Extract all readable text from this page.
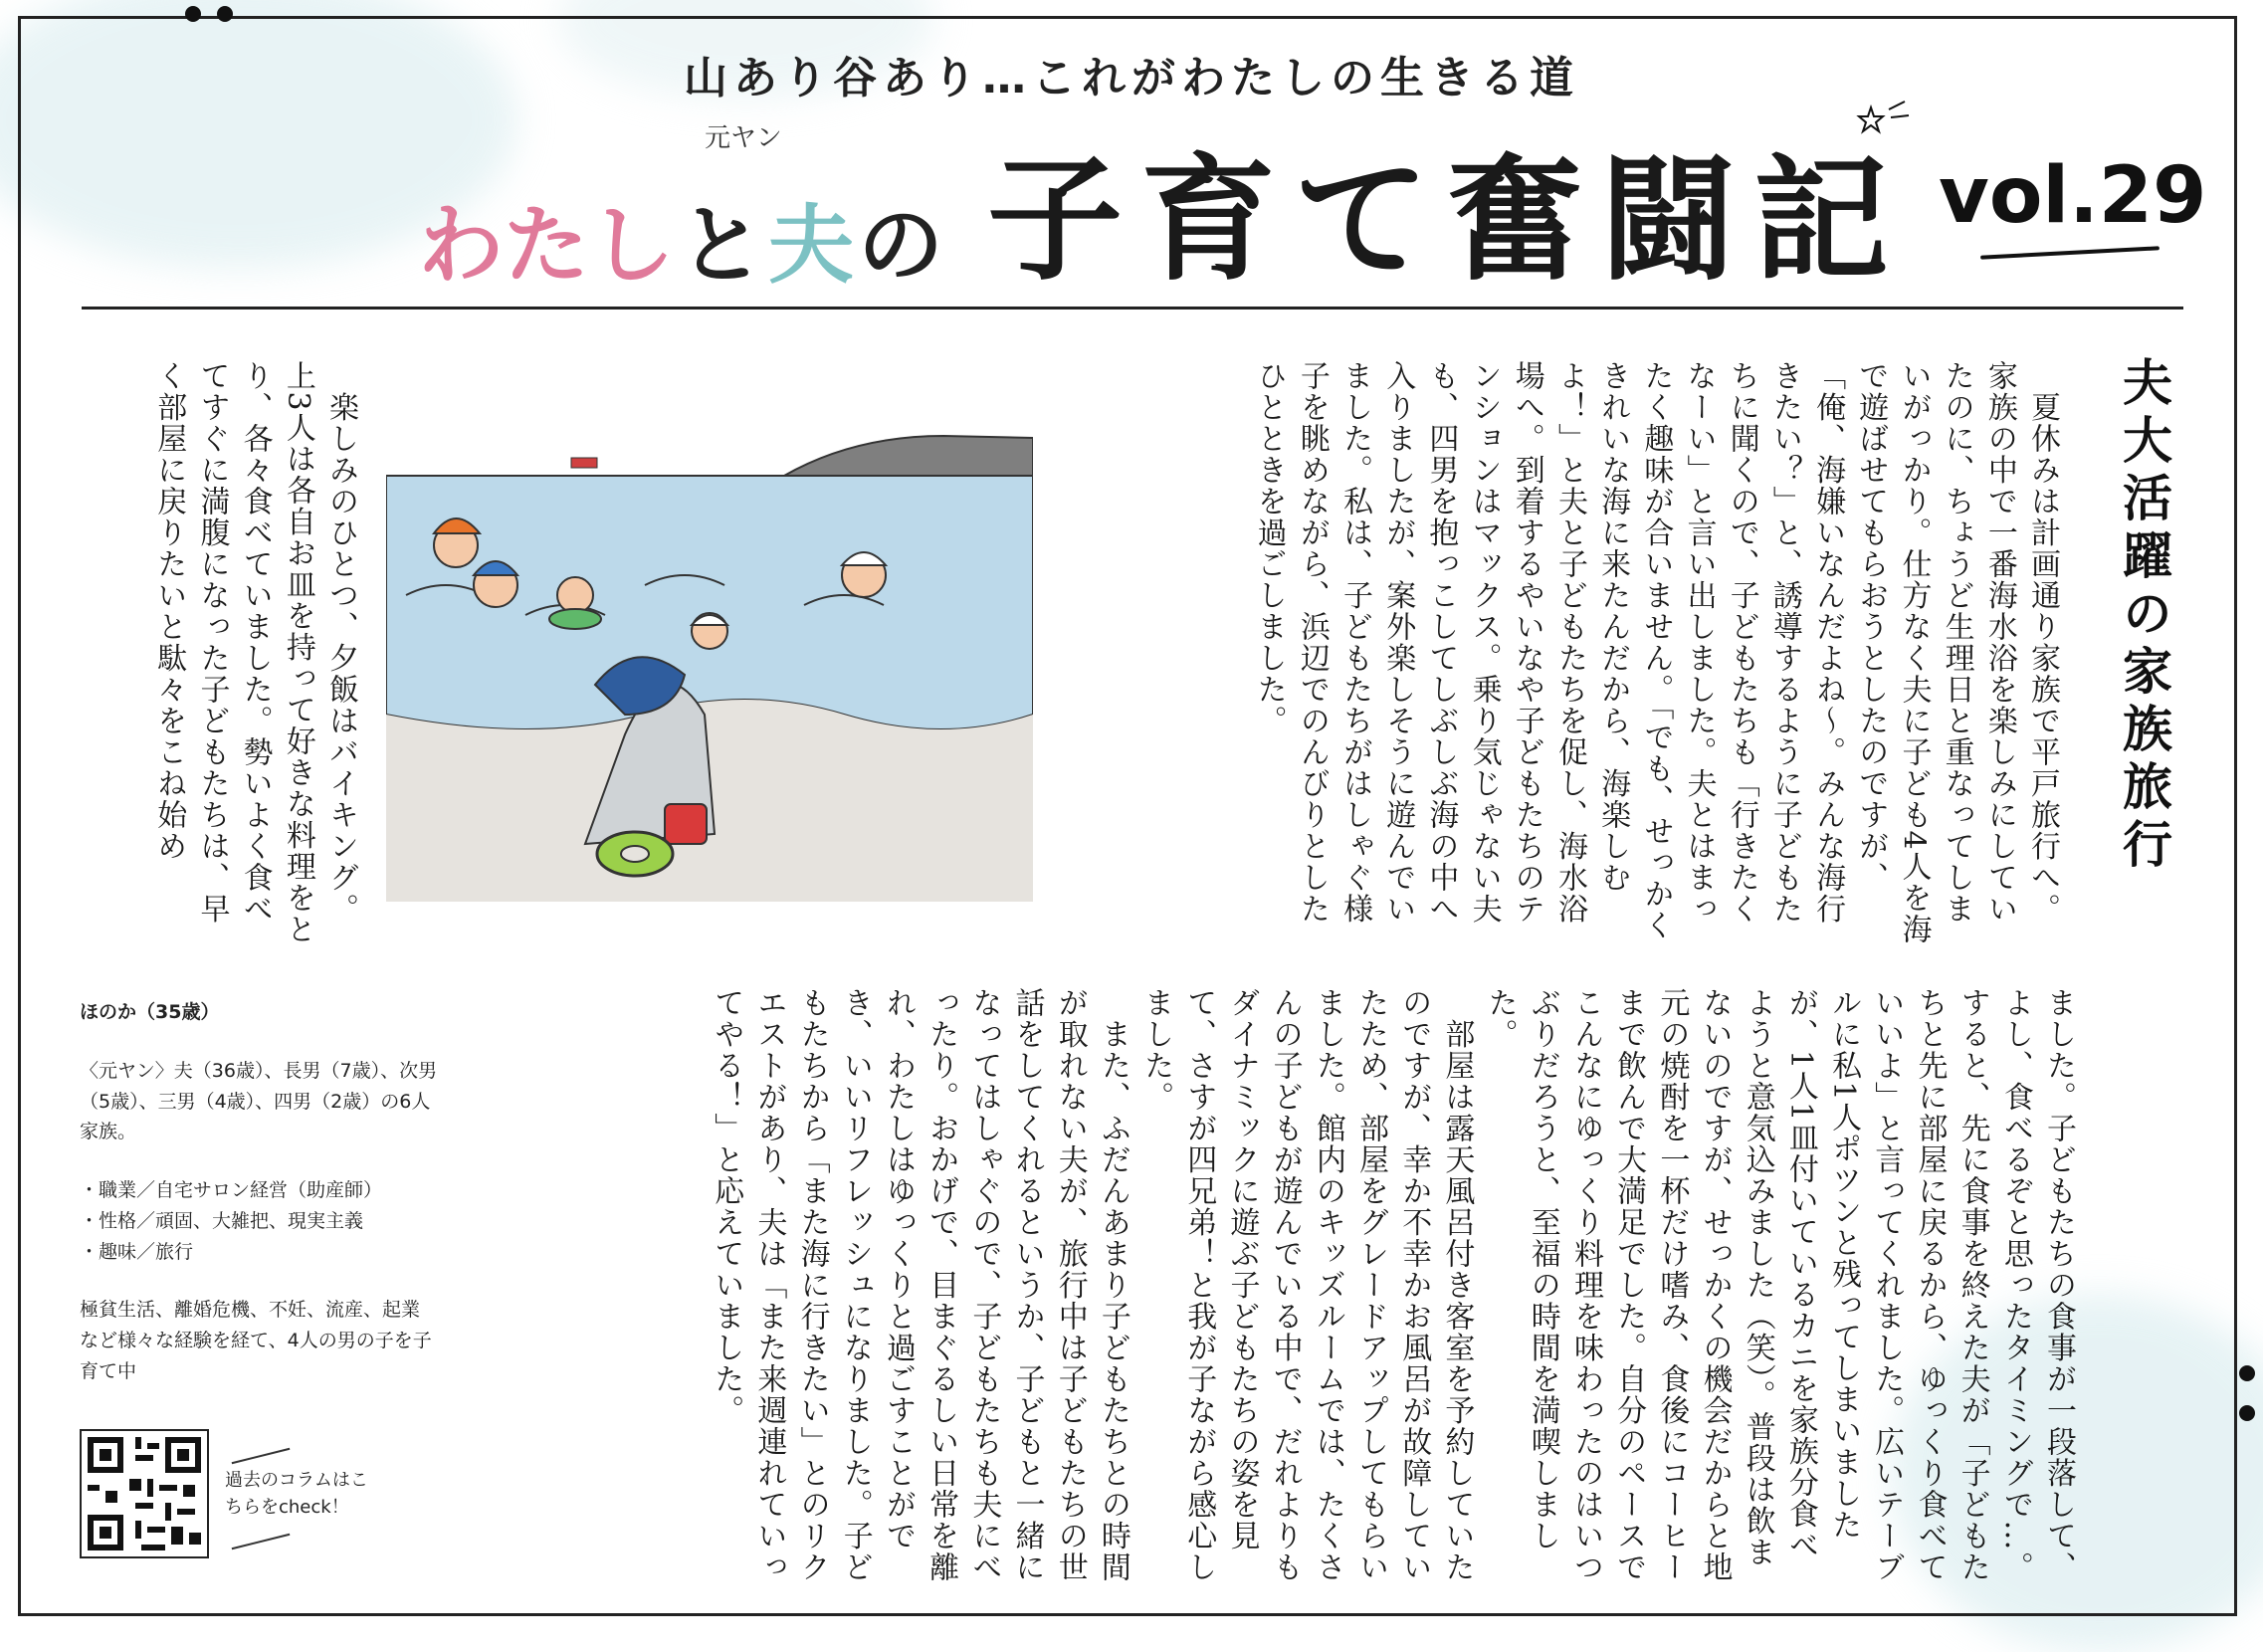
山あり谷あり…これがわたしの生きる道
元ヤン
わたし と 夫 の 子育て奮闘記 vol.29
夫大活躍の家族旅行
　夏休みは計画通り家族で平戸旅行へ。家族の中で一番海水浴を楽しみにしていたのに、ちょうど生理日と重なってしまいがっかり。仕方なく夫に子ども4人を海で遊ばせてもらおうとしたのですが、「俺、海嫌いなんだよね～。みんな海行きたい？」と、誘導するように子どもたちに聞くので、子どもたちも「行きたくなーい」と言い出しました。夫とはまったく趣味が合いません。「でも、せっかくきれいな海に来たんだから、海楽しむよ！」と夫と子どもたちを促し、海水浴場へ。到着するやいなや子どもたちのテンションはマックス。乗り気じゃない夫も、四男を抱っこしてしぶしぶ海の中へ入りましたが、案外楽しそうに遊んでいました。私は、子どもたちがはしゃぐ様子を眺めながら、浜辺でのんびりとしたひとときを過ごしました。
　楽しみのひとつ、夕飯はバイキング。上3人は各自お皿を持って好きな料理をとり、各々食べていました。勢いよく食べてすぐに満腹になった子どもたちは、早く部屋に戻りたいと駄々をこね始め
ました。子どもたちの食事が一段落して、よし、食べるぞと思ったタイミングで…。すると、先に食事を終えた夫が「子どもたちと先に部屋に戻るから、ゆっくり食べていいよ」と言ってくれました。広いテーブルに私1人ポツンと残ってしまいましたが、1人1皿付いているカニを家族分食べようと意気込みました（笑）。普段は飲まないのですが、せっかくの機会だからと地元の焼酎を一杯だけ嗜み、食後にコーヒーまで飲んで大満足でした。自分のペースでこんなにゆっくり料理を味わったのはいつぶりだろうと、至福の時間を満喫しました。
　部屋は露天風呂付き客室を予約していたのですが、幸か不幸かお風呂が故障していたため、部屋をグレードアップしてもらいました。館内のキッズルームでは、たくさんの子どもが遊んでいる中で、だれよりもダイナミックに遊ぶ子どもたちの姿を見て、さすが四兄弟！と我が子ながら感心しました。
　また、ふだんあまり子どもたちとの時間が取れない夫が、旅行中は子どもたちの世話をしてくれるというか、子どもと一緒になってはしゃぐので、子どもたちも夫にべったり。おかげで、目まぐるしい日常を離れ、わたしはゆっくりと過ごすことができ、いいリフレッシュになりました。子どもたちから「また海に行きたい」とのリクエストがあり、夫は「また来週連れていってやる！」と応えていました。
ほのか（35歳）
〈元ヤン〉夫（36歳）、長男（7歳）、次男（5歳）、三男（4歳）、四男（2歳）の6人家族。
・職業／自宅サロン経営（助産師）
・性格／頑固、大雑把、現実主義
・趣味／旅行
極貧生活、離婚危機、不妊、流産、起業など様々な経験を経て、4人の男の子を子育て中
過去のコラムはこちらをcheck！
